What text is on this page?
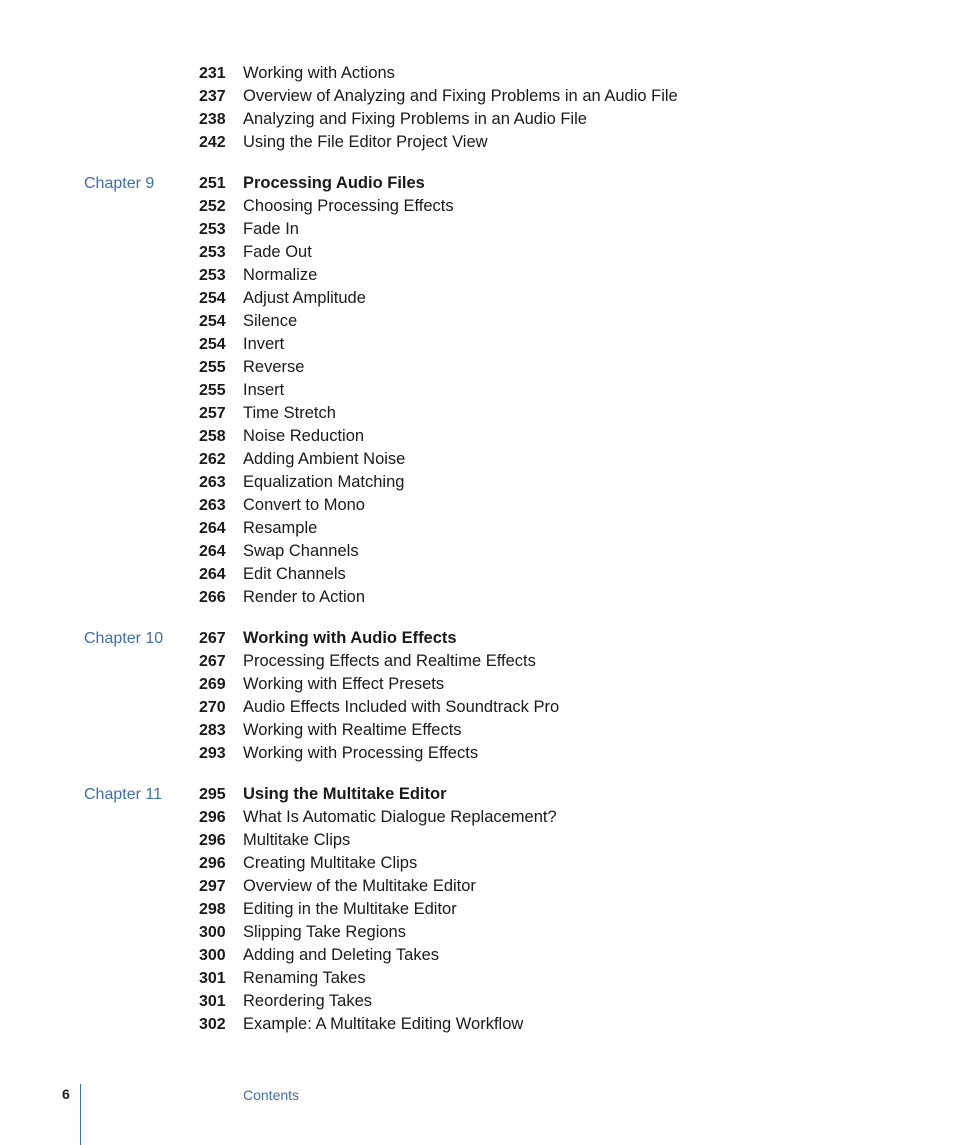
231 Working with Actions
237 Overview of Analyzing and Fixing Problems in an Audio File
238 Analyzing and Fixing Problems in an Audio File
242 Using the File Editor Project View
Chapter 9	251 Processing Audio Files
252 Choosing Processing Effects
253 Fade In
253 Fade Out
253 Normalize
254 Adjust Amplitude
254 Silence
254 Invert
255 Reverse
255 Insert
257 Time Stretch
258 Noise Reduction
262 Adding Ambient Noise
263 Equalization Matching
263 Convert to Mono
264 Resample
264 Swap Channels
264 Edit Channels
266 Render to Action
Chapter 10 267 Working with Audio Effects
267 Processing Effects and Realtime Effects
269 Working with Effect Presets
270 Audio Effects Included with Soundtrack Pro
283 Working with Realtime Effects
293 Working with Processing Effects
Chapter 11 295 Using the Multitake Editor
296 What Is Automatic Dialogue Replacement?
296 Multitake Clips
296 Creating Multitake Clips
297 Overview of the Multitake Editor
298 Editing in the Multitake Editor
300 Slipping Take Regions
300 Adding and Deleting Takes
301 Renaming Takes
301 Reordering Takes
302 Example: A Multitake Editing Workflow
6	Contents
